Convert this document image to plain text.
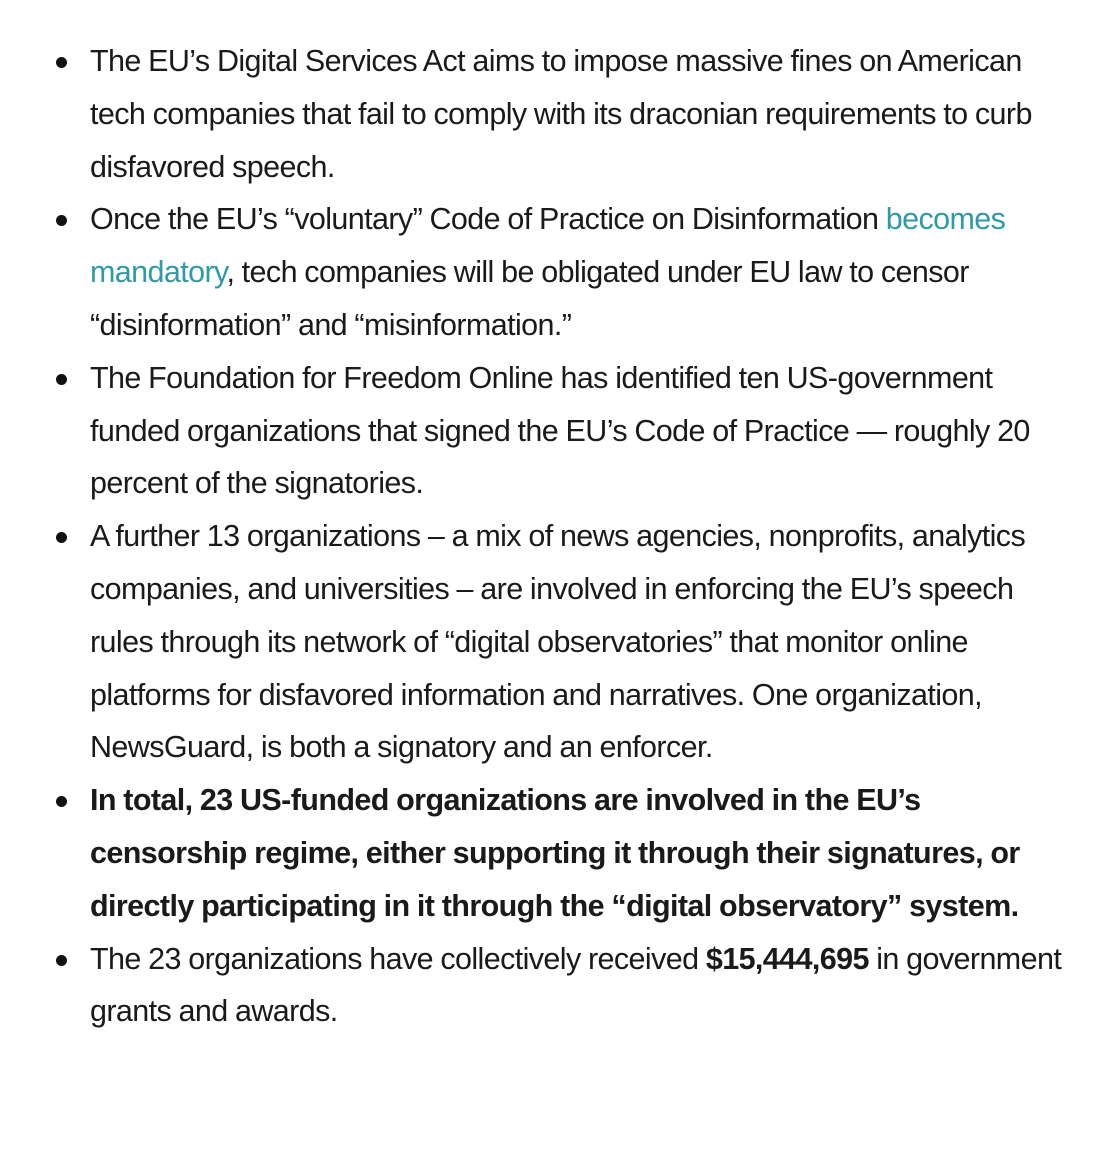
The EU’s Digital Services Act aims to impose massive fines on American tech companies that fail to comply with its draconian requirements to curb disfavored speech.
Once the EU’s “voluntary” Code of Practice on Disinformation becomes mandatory, tech companies will be obligated under EU law to censor “disinformation” and “misinformation.”
The Foundation for Freedom Online has identified ten US-government funded organizations that signed the EU’s Code of Practice — roughly 20 percent of the signatories.
A further 13 organizations – a mix of news agencies, nonprofits, analytics companies, and universities – are involved in enforcing the EU’s speech rules through its network of “digital observatories” that monitor online platforms for disfavored information and narratives. One organization, NewsGuard, is both a signatory and an enforcer.
In total, 23 US-funded organizations are involved in the EU’s censorship regime, either supporting it through their signatures, or directly participating in it through the “digital observatory” system.
The 23 organizations have collectively received $15,444,695 in government grants and awards.
